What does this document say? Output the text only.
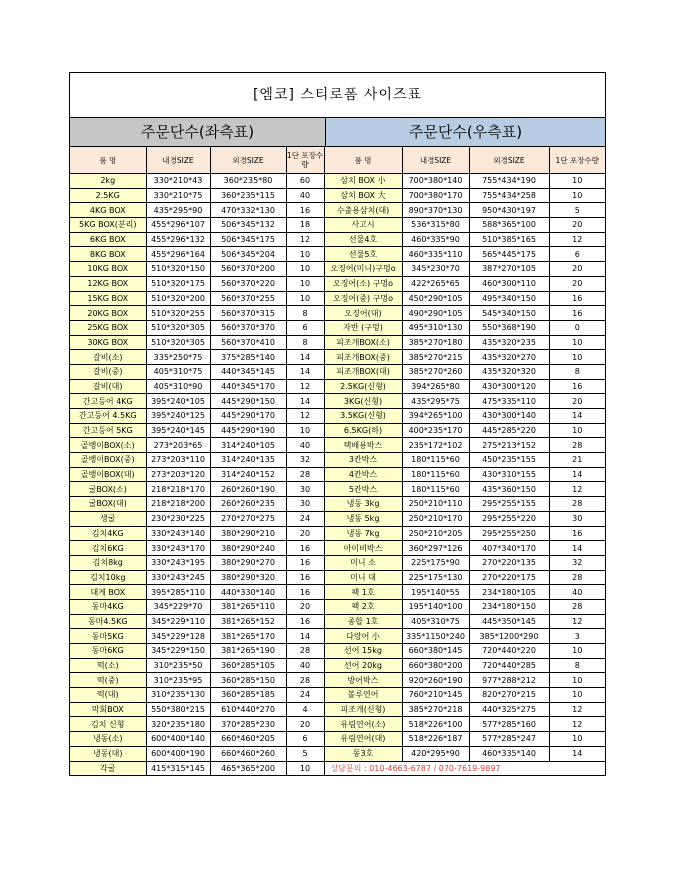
[엠코] 스티로폼 사이즈표
주문단수(좌측표)	주문단수(우측표)
품 명	내경SIZE	외경SIZE	1단 포장수량	품 명	내경SIZE	외경SIZE	1단 포장수량
2kg	330*210*43	360*235*80	60	삼치 BOX 小	700*380*140	755*434*190	10
2.5KG	330*210*75	360*235*115	40	삼치 BOX 大	700*380*170	755*434*258	10
4KG BOX	435*295*90	470*332*130	16	수출용삼치(대)	890*370*130	950*430*197	5
5KG BOX(분리)	455*296*107	506*345*132	18	사고시	536*315*80	588*365*100	20
6KG BOX	455*296*132	506*345*175	12	선물4호	460*335*90	510*385*165	12
8KG BOX	455*296*164	506*345*204	10	선물5호	460*335*110	565*445*175	6
10KG BOX	510*320*150	560*370*200	10	오징어(미니)구멍o	345*230*70	387*270*105	20
12KG BOX	510*320*175	560*370*220	10	오징어(소) 구멍o	422*265*65	460*300*110	20
15KG BOX	510*320*200	560*370*255	10	오징어(중) 구멍o	450*290*105	495*340*150	16
20KG BOX	510*320*255	560*370*315	8	오징어(대)	490*290*105	545*340*150	16
25KG BOX	510*320*305	560*370*370	6	자반 (구멍)	495*310*130	550*368*190	0
30KG BOX	510*320*305	560*370*410	8	피조개BOX(소)	385*270*180	435*320*235	10
갈비(소)	335*250*75	375*285*140	14	피조개BOX(중)	385*270*215	435*320*270	10
갈비(중)	405*310*75	440*345*145	14	피조개BOX(대)	385*270*260	435*320*320	8
갈비(대)	405*310*90	440*345*170	12	2.5KG(신형)	394*265*80	430*300*120	16
간고등어 4KG	395*240*105	445*290*150	14	3KG(신형)	435*295*75	475*335*110	20
간고등어 4.5KG	395*240*125	445*290*170	12	3.5KG(신형)	394*265*100	430*300*140	14
간고등어 5KG	395*240*145	445*290*190	10	6.5KG(하)	400*235*170	445*285*220	10
골뱅이BOX(소)	273*203*65	314*240*105	40	택배용박스	235*172*102	275*213*152	28
골뱅이BOX(중)	273*203*110	314*240*135	32	3칸박스	180*115*60	450*235*155	21
골뱅이BOX(대)	273*203*120	314*240*152	28	4칸박스	180*115*60	430*310*155	14
굴BOX(소)	218*218*170	260*260*190	30	5칸박스	180*115*60	435*360*150	12
굴BOX(대)	218*218*200	260*260*235	30	냉동 3kg	250*210*110	295*255*155	28
생굴	230*230*225	270*270*275	24	냉동 5kg	250*210*170	295*255*220	30
김치4KG	330*243*140	380*290*210	20	냉동 7kg	250*210*205	295*255*250	16
김치6KG	330*243*170	380*290*240	16	아이비박스	360*297*126	407*340*170	14
김치8kg	330*243*195	380*290*270	16	미니 소	225*175*90	270*220*135	32
김치10kg	330*243*245	380*290*320	16	미니 대	225*175*130	270*220*175	28
대게 BOX	395*285*110	440*330*140	16	팩 1호	195*140*55	234*180*105	40
동마4KG	345*229*70	381*265*110	20	팩 2호	195*140*100	234*180*150	28
동마4.5KG	345*229*110	381*265*152	16	종합 1호	405*310*75	445*350*145	12
동마5KG	345*229*128	381*265*170	14	다랑어 小	335*1150*240	385*1200*290	3
동마6KG	345*229*150	381*265*190	28	선어 15kg	660*380*145	720*440*220	10
떡(소)	310*235*50	360*285*105	40	선어 20kg	660*380*200	720*440*285	8
떡(중)	310*235*95	360*285*150	28	방어박스	920*260*190	977*288*212	10
떡(대)	310*235*130	360*285*185	24	볼루연어	760*210*145	820*270*215	10
막회BOX	550*380*215	610*440*270	4	피조개(신형)	385*270*218	440*325*275	12
김치 신형	320*235*180	370*285*230	20	유림연어(소)	518*226*100	577*285*160	12
냉동(소)	600*400*140	660*460*205	6	유림연어(대)	518*226*187	577*285*247	10
냉동(대)	600*400*190	660*460*260	5	동3호	420*295*90	460*335*140	14
각굴	415*315*145	465*365*200	10	상담문의 : 010-4663-6787 / 070-7619-9897			
